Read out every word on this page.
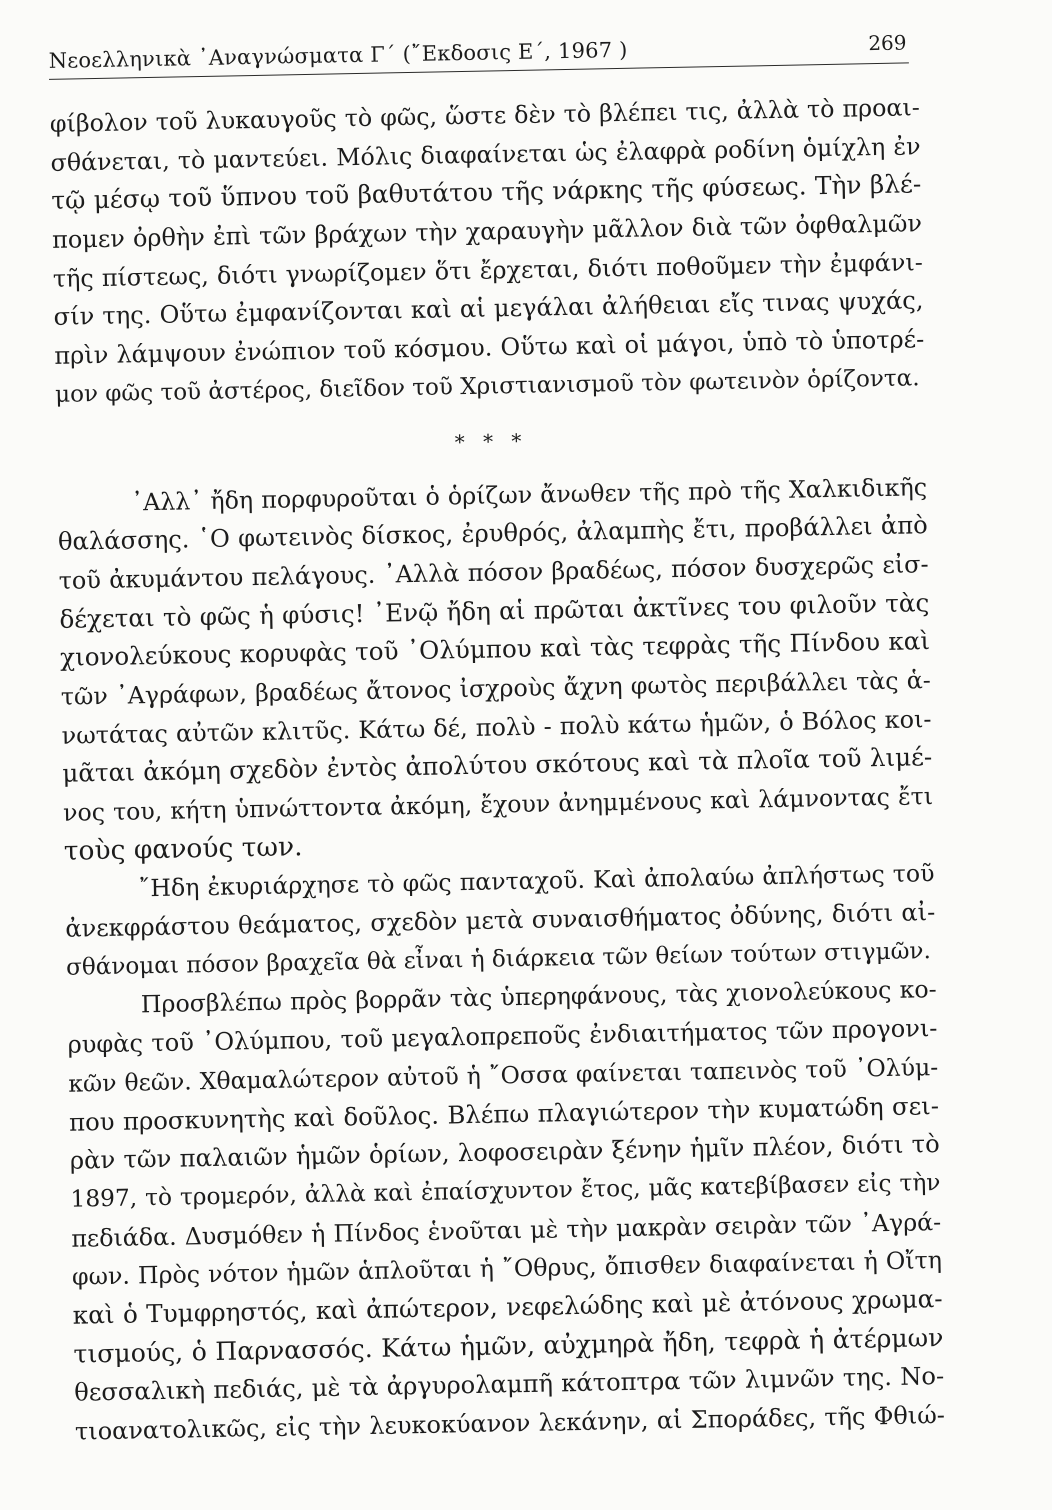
Νεοελληνικὰ ᾿Αναγνώσματα Γ΄ (῎Εκδοσις Ε΄, 1967 )	269
φίβολον τοῦ λυκαυγοῦς τὸ φῶς, ὥστε δὲν τὸ βλέπει τις, ἀλλὰ τὸ προαι-
σθάνεται, τὸ μαντεύει. Μόλις διαφαίνεται ὡς ἐλαφρὰ ροδίνη ὁμίχλη ἐν
τῷ μέσῳ τοῦ ὕπνου τοῦ βαθυτάτου τῆς νάρκης τῆς φύσεως. Τὴν βλέ-
πομεν ὀρθὴν ἐπὶ τῶν βράχων τὴν χαραυγὴν μᾶλλον διὰ τῶν ὀφθαλμῶν
τῆς πίστεως, διότι γνωρίζομεν ὅτι ἔρχεται, διότι ποθοῦμεν τὴν ἐμφάνι-
σίν της. Οὕτω ἐμφανίζονται καὶ αἱ μεγάλαι ἀλήθειαι εἴς τινας ψυχάς,
πρὶν λάμψουν ἐνώπιον τοῦ κόσμου. Οὕτω καὶ οἱ μάγοι, ὑπὸ τὸ ὑποτρέ-
μον φῶς τοῦ ἀστέρος, διεῖδον τοῦ Χριστιανισμοῦ τὸν φωτεινὸν ὁρίζοντα.
* * *
᾿Αλλ᾿ ἤδη πορφυροῦται ὁ ὁρίζων ἄνωθεν τῆς πρὸ τῆς Χαλκιδικῆς
θαλάσσης. ῾Ο φωτεινὸς δίσκος, ἐρυθρός, ἀλαμπὴς ἔτι, προβάλλει ἀπὸ
τοῦ ἀκυμάντου πελάγους. ᾿Αλλὰ πόσον βραδέως, πόσον δυσχερῶς εἰσ-
δέχεται τὸ φῶς ἡ φύσις! ᾿Ενῷ ἤδη αἱ πρῶται ἀκτῖνες του φιλοῦν τὰς
χιονολεύκους κορυφὰς τοῦ ᾿Ολύμπου καὶ τὰς τεφρὰς τῆς Πίνδου καὶ
τῶν ᾿Αγράφων, βραδέως ἄτονος ἰσχροὺς ἄχνη φωτὸς περιβάλλει τὰς ἁ-
νωτάτας αὐτῶν κλιτῦς. Κάτω δέ, πολὺ - πολὺ κάτω ἡμῶν, ὁ Βόλος κοι-
μᾶται ἀκόμη σχεδὸν ἐντὸς ἀπολύτου σκότους καὶ τὰ πλοῖα τοῦ λιμέ-
νος του, κήτη ὑπνώττοντα ἀκόμη, ἔχουν ἀνημμένους καὶ λάμνοντας ἔτι
τοὺς φανούς των.
῎Ηδη ἐκυριάρχησε τὸ φῶς πανταχοῦ. Καὶ ἀπολαύω ἀπλήστως τοῦ
ἀνεκφράστου θεάματος, σχεδὸν μετὰ συναισθήματος ὀδύνης, διότι αἰ-
σθάνομαι πόσον βραχεῖα θὰ εἶναι ἡ διάρκεια τῶν θείων τούτων στιγμῶν.
Προσβλέπω πρὸς βορρᾶν τὰς ὑπερηφάνους, τὰς χιονολεύκους κο-
ρυφὰς τοῦ ᾿Ολύμπου, τοῦ μεγαλοπρεποῦς ἐνδιαιτήματος τῶν προγονι-
κῶν θεῶν. Χθαμαλώτερον αὐτοῦ ἡ ῎Οσσα φαίνεται ταπεινὸς τοῦ ᾿Ολύμ-
που προσκυνητὴς καὶ δοῦλος. Βλέπω πλαγιώτερον τὴν κυματώδη σει-
ρὰν τῶν παλαιῶν ἡμῶν ὁρίων, λοφοσειρὰν ξένην ἡμῖν πλέον, διότι τὸ
1897, τὸ τρομερόν, ἀλλὰ καὶ ἐπαίσχυντον ἔτος, μᾶς κατεβίβασεν εἰς τὴν
πεδιάδα. Δυσμόθεν ἡ Πίνδος ἑνοῦται μὲ τὴν μακρὰν σειρὰν τῶν ᾿Αγρά-
φων. Πρὸς νότον ἡμῶν ἁπλοῦται ἡ ῎Οθρυς, ὄπισθεν διαφαίνεται ἡ Οἴτη
καὶ ὁ Τυμφρηστός, καὶ ἀπώτερον, νεφελώδης καὶ μὲ ἀτόνους χρωμα-
τισμούς, ὁ Παρνασσός. Κάτω ἡμῶν, αὐχμηρὰ ἤδη, τεφρὰ ἡ ἀτέρμων
θεσσαλικὴ πεδιάς, μὲ τὰ ἀργυρολαμπῆ κάτοπτρα τῶν λιμνῶν της. Νο-
τιοανατολικῶς, εἰς τὴν λευκοκύανον λεκάνην, αἱ Σποράδες, τῆς Φθιώ-
